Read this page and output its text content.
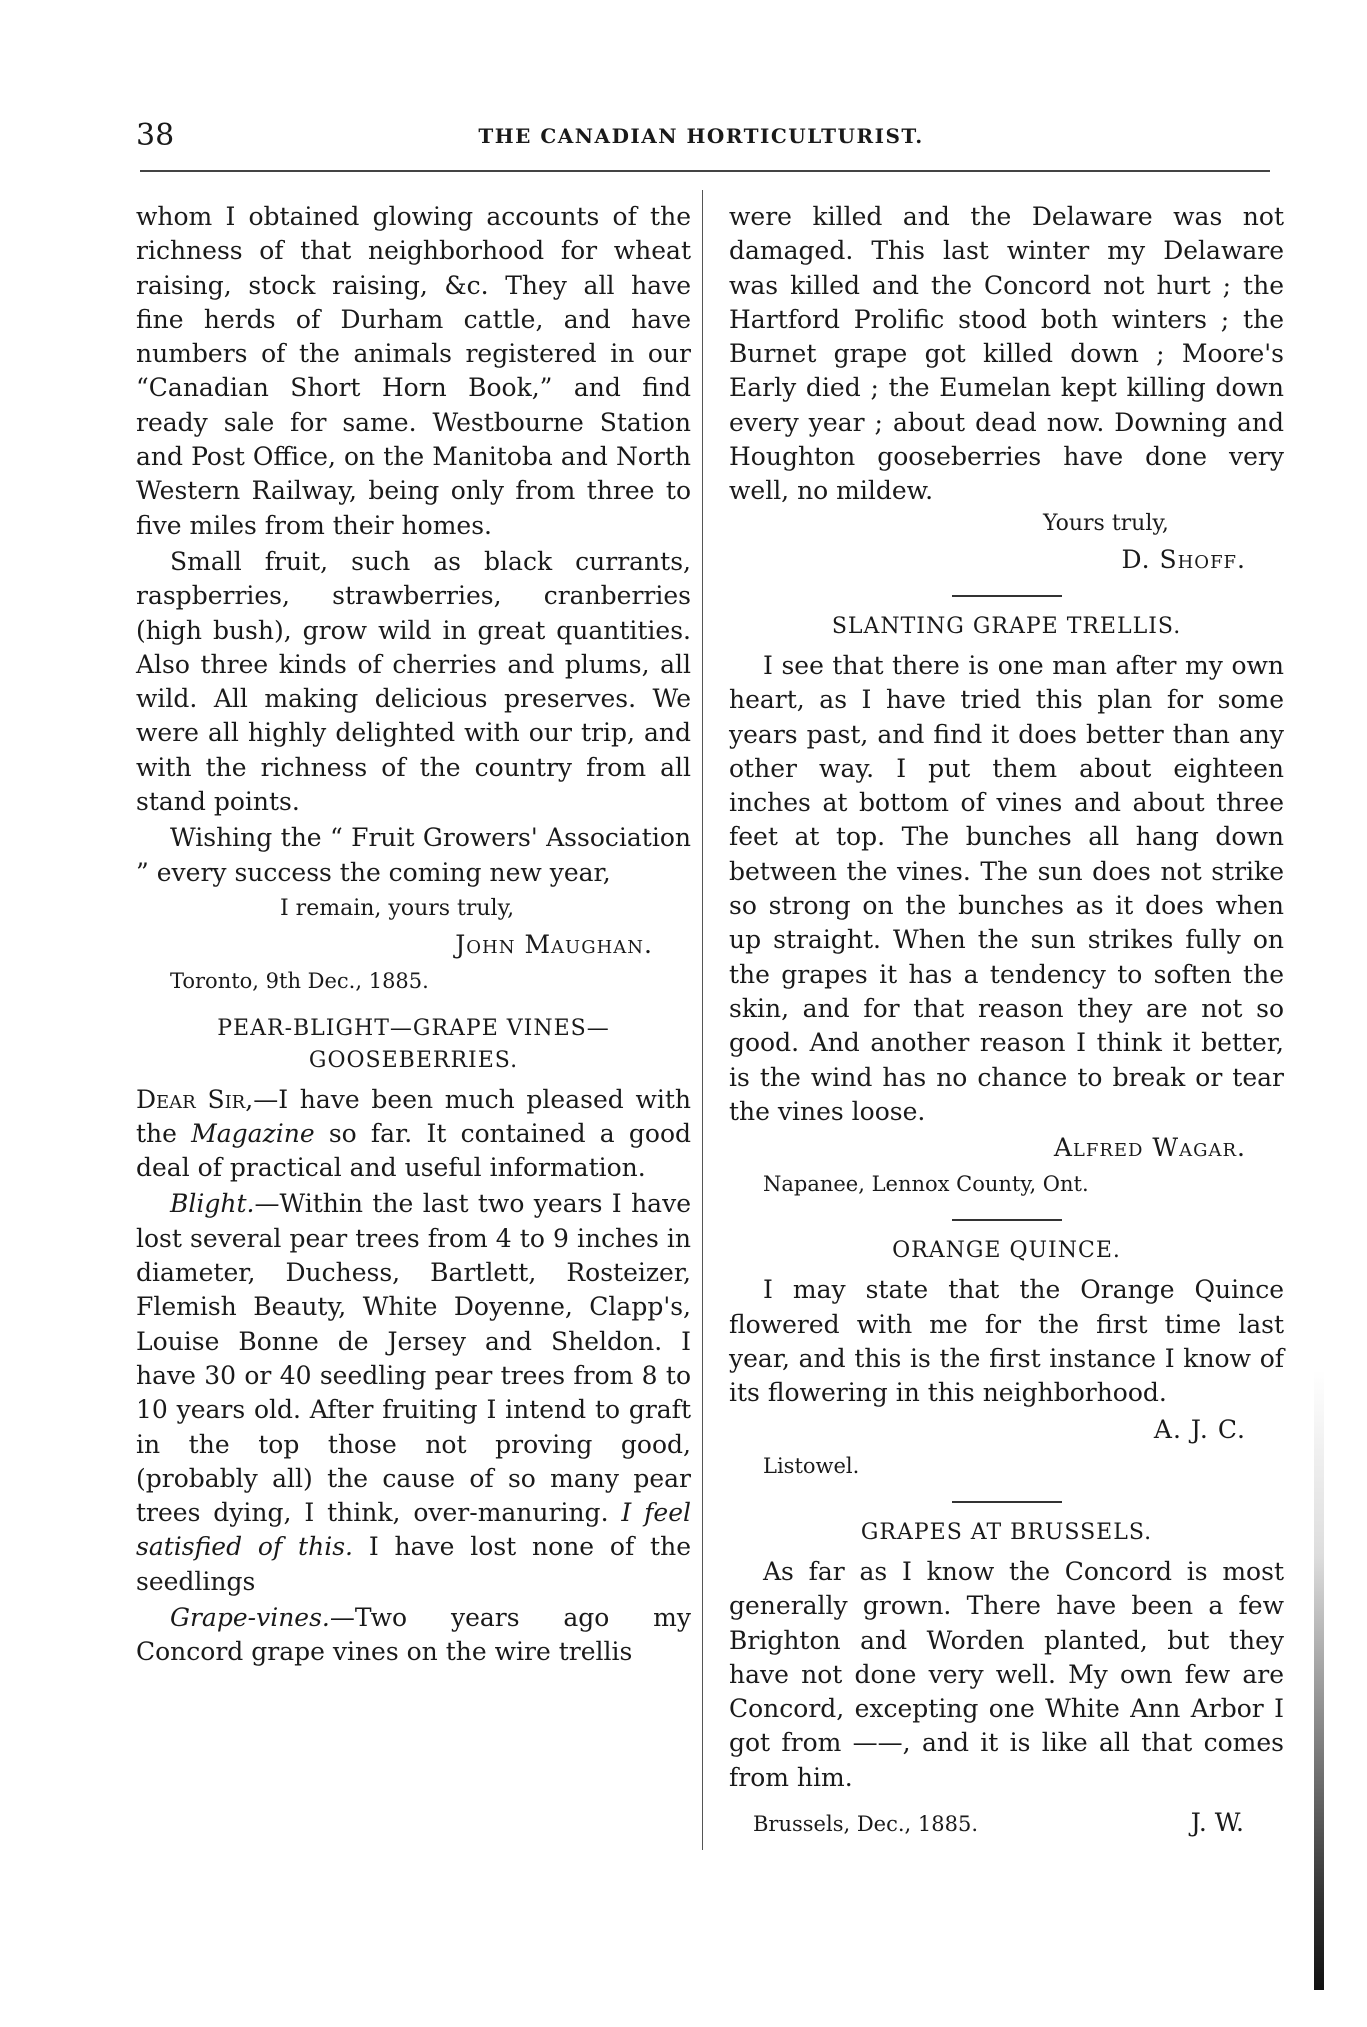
38	THE CANADIAN HORTICULTURIST.

whom I obtained glowing accounts of the richness of that neighborhood for wheat raising, stock raising, &c. They all have fine herds of Durham cattle, and have numbers of the animals registered in our “Canadian Short Horn Book,” and find ready sale for same. Westbourne Station and Post Office, on the Manitoba and North Western Railway, being only from three to five miles from their homes.

Small fruit, such as black currants, raspberries, strawberries, cranberries (high bush), grow wild in great quantities. Also three kinds of cherries and plums, all wild. All making delicious preserves. We were all highly delighted with our trip, and with the richness of the country from all stand points.

Wishing the “ Fruit Growers' Association ” every success the coming new year,

I remain, yours truly,

John Maughan.

Toronto, 9th Dec., 1885.

PEAR-BLIGHT—GRAPE VINES—GOOSEBERRIES.

Dear Sir,—I have been much pleased with the Magazine so far. It contained a good deal of practical and useful information.

Blight.—Within the last two years I have lost several pear trees from 4 to 9 inches in diameter, Duchess, Bartlett, Rosteizer, Flemish Beauty, White Doyenne, Clapp's, Louise Bonne de Jersey and Sheldon. I have 30 or 40 seedling pear trees from 8 to 10 years old. After fruiting I intend to graft in the top those not proving good, (probably all) the cause of so many pear trees dying, I think, over-manuring. I feel satisfied of this. I have lost none of the seedlings

Grape-vines.—Two years ago my Concord grape vines on the wire trellis

were killed and the Delaware was not damaged. This last winter my Delaware was killed and the Concord not hurt ; the Hartford Prolific stood both winters ; the Burnet grape got killed down ; Moore's Early died ; the Eumelan kept killing down every year ; about dead now. Downing and Houghton gooseberries have done very well, no mildew.

Yours truly,

D. Shoff.

SLANTING GRAPE TRELLIS.

I see that there is one man after my own heart, as I have tried this plan for some years past, and find it does better than any other way. I put them about eighteen inches at bottom of vines and about three feet at top. The bunches all hang down between the vines. The sun does not strike so strong on the bunches as it does when up straight. When the sun strikes fully on the grapes it has a tendency to soften the skin, and for that reason they are not so good. And another reason I think it better, is the wind has no chance to break or tear the vines loose.

Alfred Wagar.

Napanee, Lennox County, Ont.

ORANGE QUINCE.

I may state that the Orange Quince flowered with me for the first time last year, and this is the first instance I know of its flowering in this neighborhood.

A. J. C.

Listowel.

GRAPES AT BRUSSELS.

As far as I know the Concord is most generally grown. There have been a few Brighton and Worden planted, but they have not done very well. My own few are Concord, excepting one White Ann Arbor I got from ——, and it is like all that comes from him.

Brussels, Dec., 1885.	J. W.
